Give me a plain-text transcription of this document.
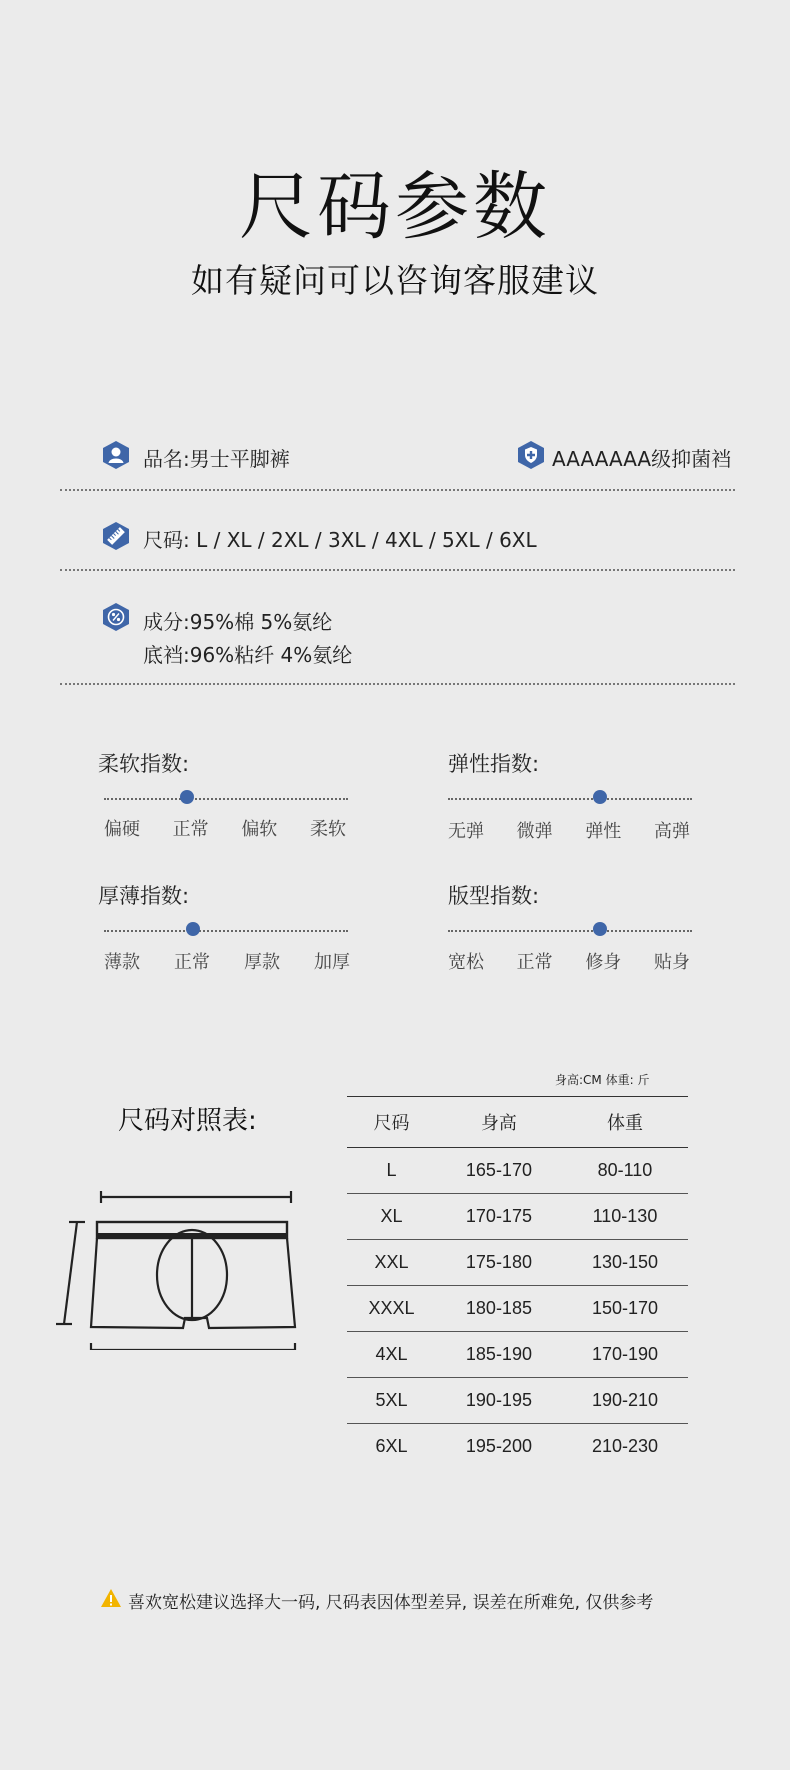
尺码参数
如有疑问可以咨询客服建议
品名:男士平脚裤	AAAAAAA级抑菌裆
尺码: L / XL / 2XL / 3XL / 4XL / 5XL / 6XL
成分:95%棉 5%氨纶
底裆:96%粘纤 4%氨纶
柔软指数:
偏硬 正常 偏软 柔软
弹性指数:
无弹 微弹 弹性 高弹
厚薄指数:
薄款 正常 厚款 加厚
版型指数:
宽松 正常 修身 贴身
尺码对照表:
身高:CM 体重: 斤
尺码	身高	体重
L	165-170	80-110
XL	170-175	110-130
XXL	175-180	130-150
XXXL	180-185	150-170
4XL	185-190	170-190
5XL	190-195	190-210
6XL	195-200	210-230
喜欢宽松建议选择大一码, 尺码表因体型差异, 误差在所难免, 仅供参考
